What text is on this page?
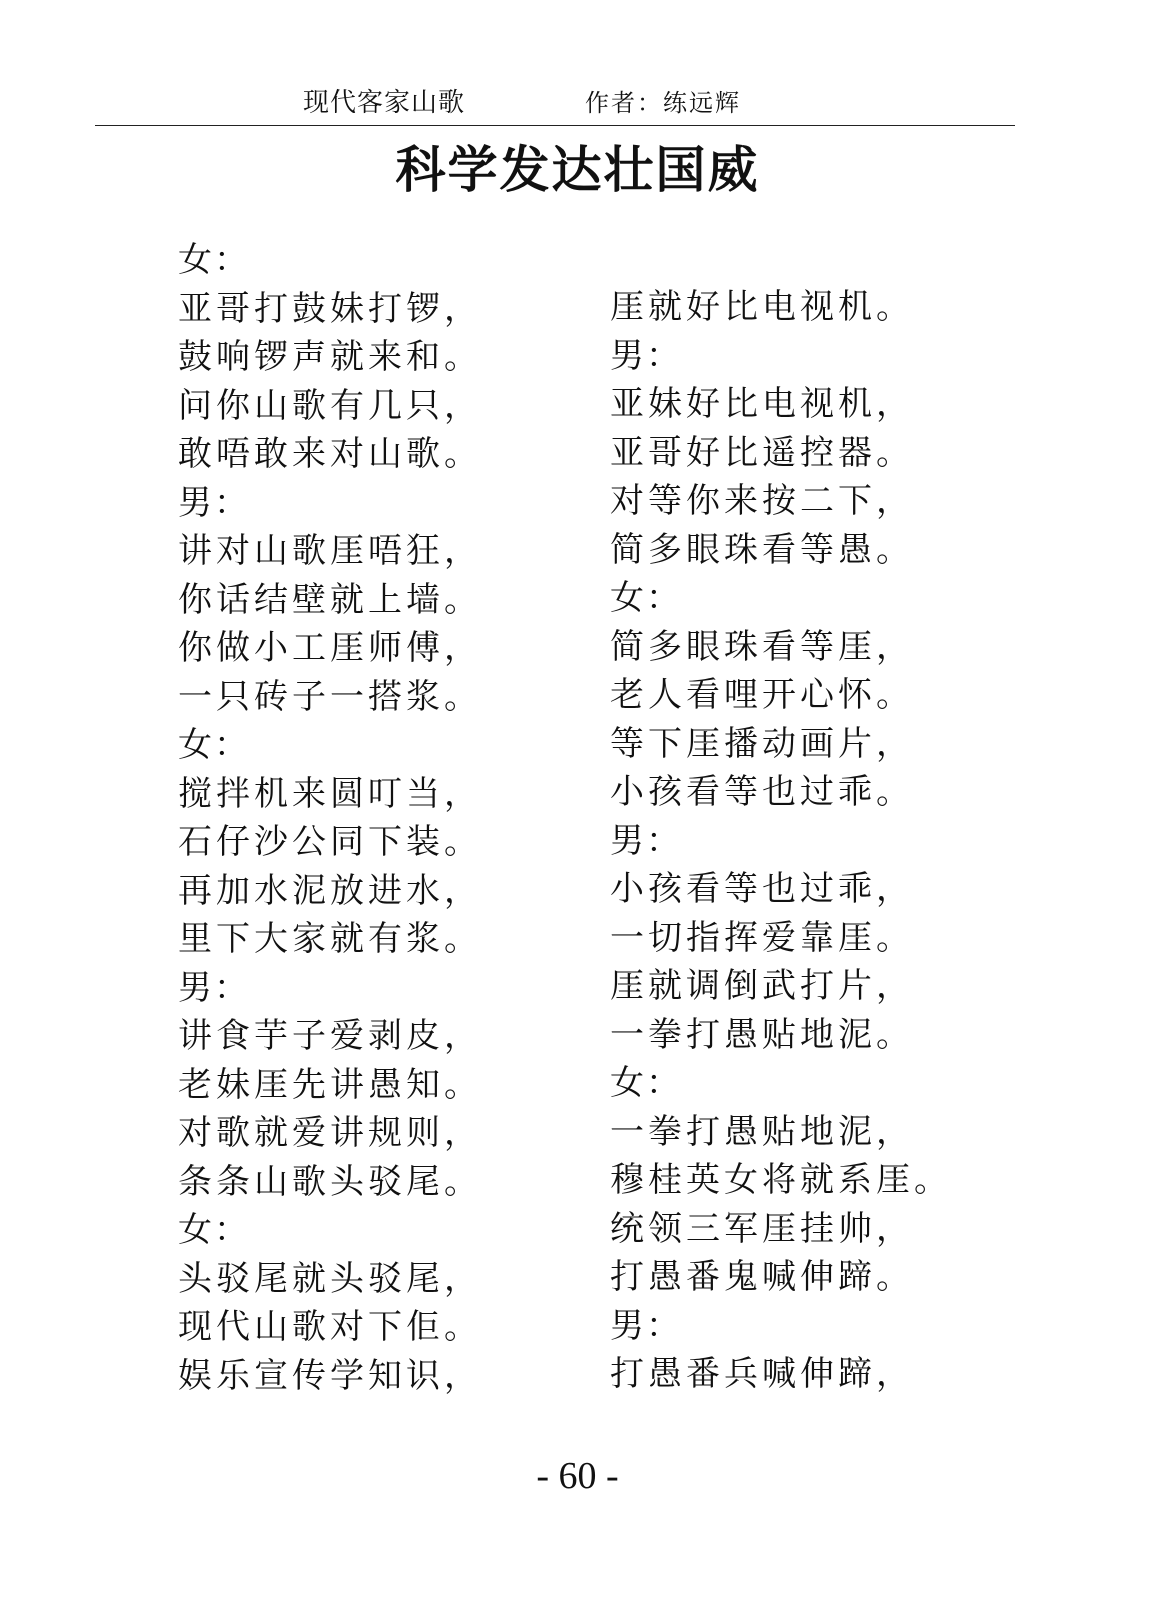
现代客家山歌	作者：练远辉
科学发达壮国威
女：
亚哥打鼓妹打锣，
鼓响锣声就来和。
问你山歌有几只，
敢唔敢来对山歌。
男：
讲对山歌厓唔狂，
你话结壁就上墙。
你做小工厓师傅，
一只砖子一搭浆。
女：
搅拌机来圆叮当，
石仔沙公同下装。
再加水泥放进水，
里下大家就有浆。
男：
讲食芋子爱剥皮，
老妹厓先讲愚知。
对歌就爱讲规则，
条条山歌头驳尾。
女：
头驳尾就头驳尾，
现代山歌对下佢。
娱乐宣传学知识，
厓就好比电视机。
男：
亚妹好比电视机，
亚哥好比遥控器。
对等你来按二下，
简多眼珠看等愚。
女：
简多眼珠看等厓，
老人看哩开心怀。
等下厓播动画片，
小孩看等也过乖。
男：
小孩看等也过乖，
一切指挥爱靠厓。
厓就调倒武打片，
一拳打愚贴地泥。
女：
一拳打愚贴地泥，
穆桂英女将就系厓。
统领三军厓挂帅，
打愚番鬼喊伸蹄。
男：
打愚番兵喊伸蹄，
- 60 -
